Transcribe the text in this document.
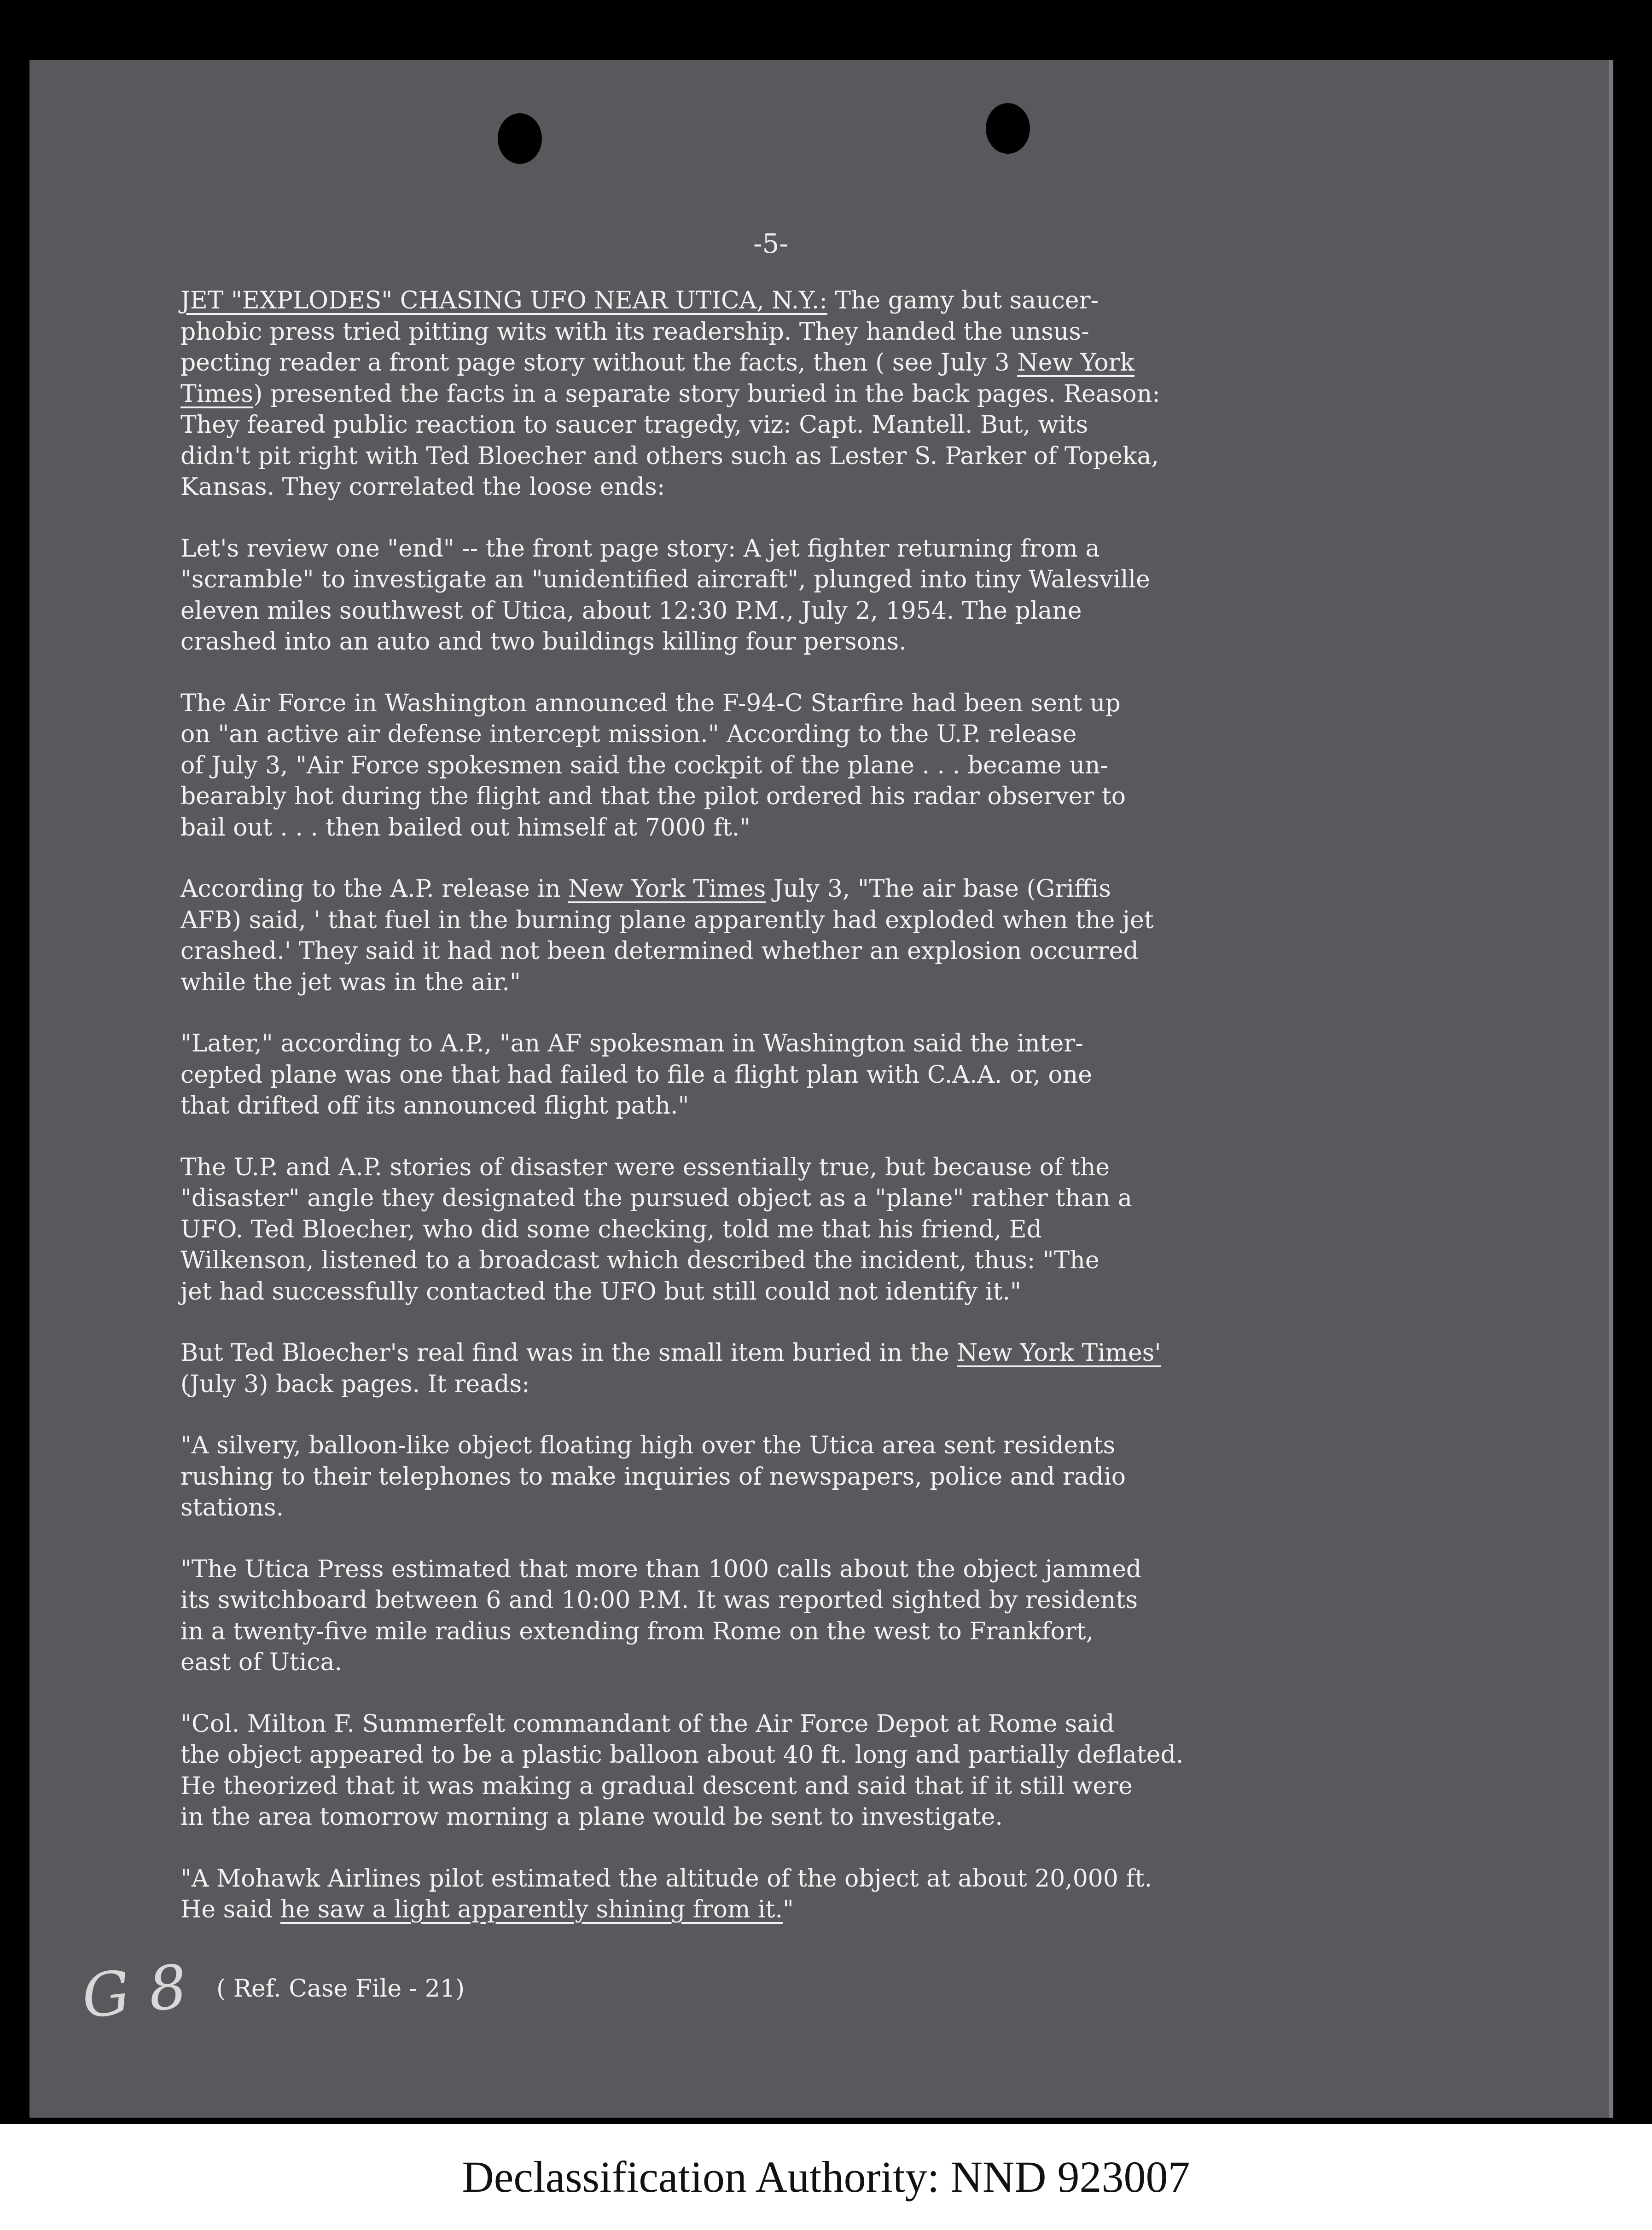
-5-

JET "EXPLODES" CHASING UFO NEAR UTICA, N.Y.: The gamy but saucer-
phobic press tried pitting wits with its readership. They handed the unsus-
pecting reader a front page story without the facts, then ( see July 3 New York
Times) presented the facts in a separate story buried in the back pages. Reason:
They feared public reaction to saucer tragedy, viz: Capt. Mantell. But, wits
didn't pit right with Ted Bloecher and others such as Lester S. Parker of Topeka,
Kansas. They correlated the loose ends:

Let's review one "end" -- the front page story: A jet fighter returning from a
"scramble" to investigate an "unidentified aircraft", plunged into tiny Walesville
eleven miles southwest of Utica, about 12:30 P.M., July 2, 1954. The plane
crashed into an auto and two buildings killing four persons.

The Air Force in Washington announced the F-94-C Starfire had been sent up
on "an active air defense intercept mission." According to the U.P. release
of July 3, "Air Force spokesmen said the cockpit of the plane . . . became un-
bearably hot during the flight and that the pilot ordered his radar observer to
bail out . . . then bailed out himself at 7000 ft."

According to the A.P. release in New York Times July 3, "The air base (Griffis
AFB) said, ' that fuel in the burning plane apparently had exploded when the jet
crashed.' They said it had not been determined whether an explosion occurred
while the jet was in the air."

"Later," according to A.P., "an AF spokesman in Washington said the inter-
cepted plane was one that had failed to file a flight plan with C.A.A. or, one
that drifted off its announced flight path."

The U.P. and A.P. stories of disaster were essentially true, but because of the
"disaster" angle they designated the pursued object as a "plane" rather than a
UFO. Ted Bloecher, who did some checking, told me that his friend, Ed
Wilkenson, listened to a broadcast which described the incident, thus: "The
jet had successfully contacted the UFO but still could not identify it."

But Ted Bloecher's real find was in the small item buried in the New York Times'
(July 3) back pages. It reads:

"A silvery, balloon-like object floating high over the Utica area sent residents
rushing to their telephones to make inquiries of newspapers, police and radio
stations.

"The Utica Press estimated that more than 1000 calls about the object jammed
its switchboard between 6 and 10:00 P.M. It was reported sighted by residents
in a twenty-five mile radius extending from Rome on the west to Frankfort,
east of Utica.

"Col. Milton F. Summerfelt commandant of the Air Force Depot at Rome said
the object appeared to be a plastic balloon about 40 ft. long and partially deflated.
He theorized that it was making a gradual descent and said that if it still were
in the area tomorrow morning a plane would be sent to investigate.

"A Mohawk Airlines pilot estimated the altitude of the object at about 20,000 ft.
He said he saw a light apparently shining from it."

G 8 ( Ref. Case File - 21)
Declassification Authority: NND 923007
